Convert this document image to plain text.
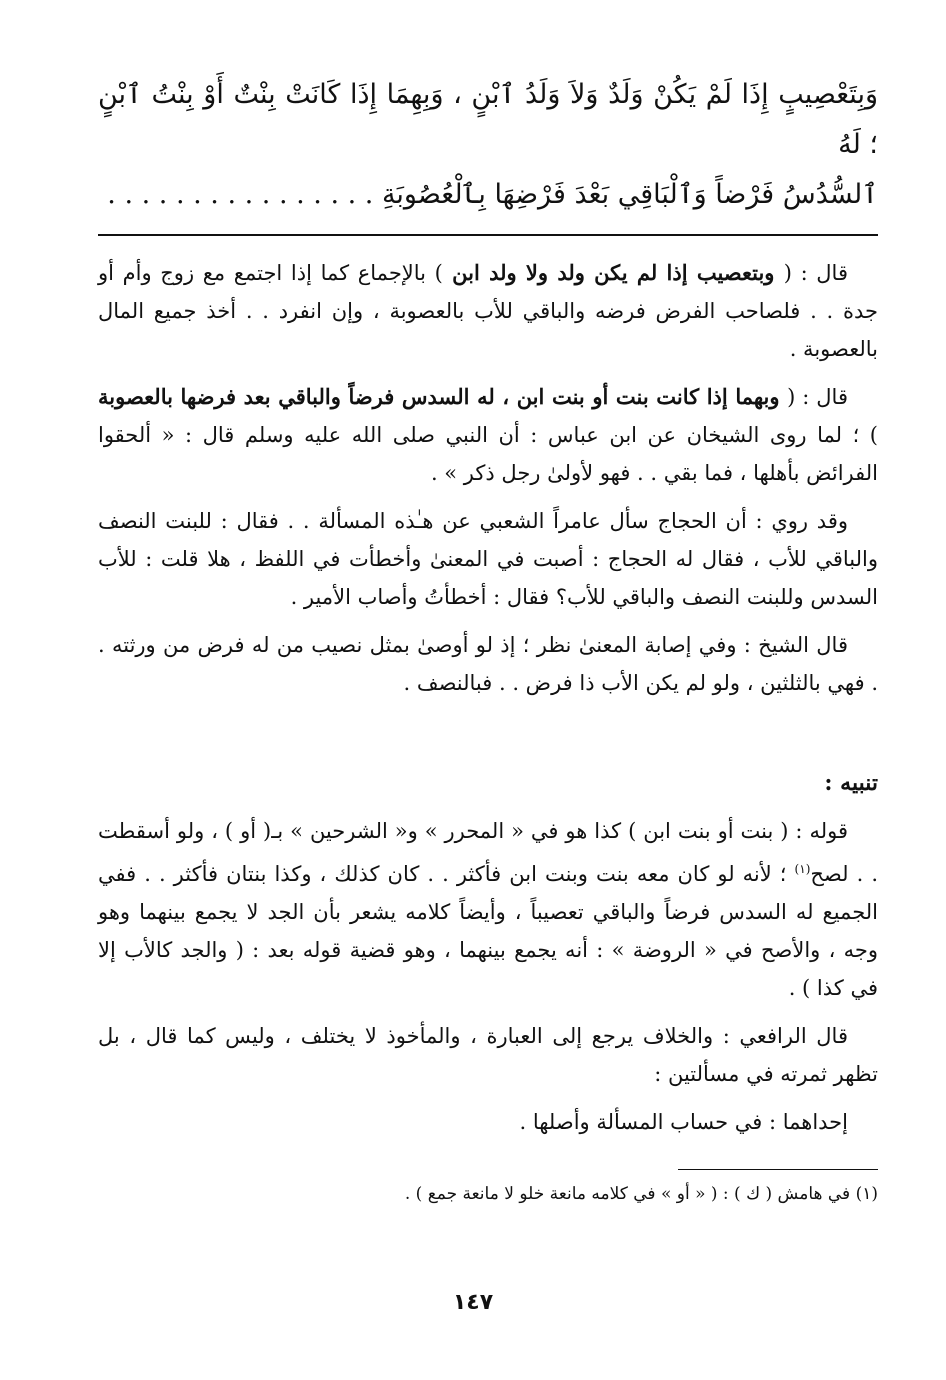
وَبِتَعْصِيبٍ إِذَا لَمْ يَكُنْ وَلَدٌ وَلاَ وَلَدُ ٱبْنٍ ، وَبِهِمَا إِذَا كَانَتْ بِنْتٌ أَوْ بِنْتُ ٱبْنٍ ؛ لَهُ
ٱلسُّدُسُ فَرْضاً وَٱلْبَاقِي بَعْدَ فَرْضِهَا بِٱلْعُصُوبَةِ . . . . . . . . . . . . . . . .

قال : ( وبتعصيب إذا لم يكن ولد ولا ولد ابن ) بالإجماع كما إذا اجتمع مع زوج وأم أو جدة . . فلصاحب الفرض فرضه والباقي للأب بالعصوبة ، وإن انفرد . . أخذ جميع المال بالعصوبة .

قال : ( وبهما إذا كانت بنت أو بنت ابن ، له السدس فرضاً والباقي بعد فرضها بالعصوبة ) ؛ لما روى الشيخان عن ابن عباس : أن النبي صلى الله عليه وسلم قال : « ألحقوا الفرائض بأهلها ، فما بقي . . فهو لأولىٰ رجل ذكر » .

وقد روي : أن الحجاج سأل عامراً الشعبي عن هـٰذه المسألة . . فقال : للبنت النصف والباقي للأب ، فقال له الحجاج : أصبت في المعنىٰ وأخطأت في اللفظ ، هلا قلت : للأب السدس وللبنت النصف والباقي للأب؟ فقال : أخطأتُ وأصاب الأمير .

قال الشيخ : وفي إصابة المعنىٰ نظر ؛ إذ لو أوصىٰ بمثل نصيب من له فرض من ورثته . . فهي بالثلثين ، ولو لم يكن الأب ذا فرض . . فبالنصف .

تنبيه :

قوله : ( بنت أو بنت ابن ) كذا هو في « المحرر » و« الشرحين » بـ( أو ) ، ولو أسقطت . . لصح$^{(١)}$ ؛ لأنه لو كان معه بنت وبنت ابن فأكثر . . كان كذلك ، وكذا بنتان فأكثر . . ففي الجميع له السدس فرضاً والباقي تعصيباً ، وأيضاً كلامه يشعر بأن الجد لا يجمع بينهما وهو وجه ، والأصح في « الروضة » : أنه يجمع بينهما ، وهو قضية قوله بعد : ( والجد كالأب إلا في كذا ) .

قال الرافعي : والخلاف يرجع إلى العبارة ، والمأخوذ لا يختلف ، وليس كما قال ، بل تظهر ثمرته في مسألتين :

إحداهما : في حساب المسألة وأصلها .

(١) في هامش ( ك ) : ( « أو » في كلامه مانعة خلو لا مانعة جمع ) .

١٤٧
